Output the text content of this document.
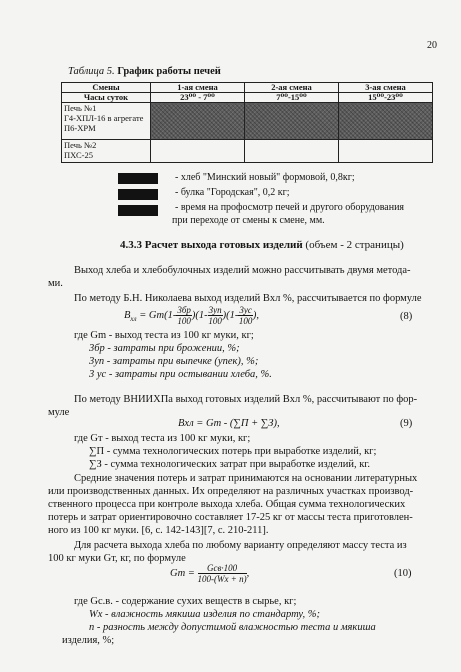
20
Таблица 5. График работы печей
Смены	1-ая смена	2-ая смена	3-ая смена
Часы суток	23⁰⁰ - 7⁰⁰	7⁰⁰-15⁰⁰	15⁰⁰-23⁰⁰

Печь №1
Г4-ХПЛ-16 в агрегате П6-ХРМ			

Печь №2
ПХС-25			

- хлеб "Минский новый" формовой, 0,8кг;
- булка "Городская", 0,2 кг;
- время на профосмотр печей и другого оборудования
при переходе от смены к смене, мм.
4.3.3 Расчет выхода готовых изделий (объем - 2 страницы)
Выход хлеба и хлебобулочных изделий можно рассчитывать двумя метода-
ми.
По методу Б.Н. Николаева выход изделий Bхл %, рассчитывается по формуле
$B_{хл} = Gm(1- \frac{3бр}{100} )(1- \frac{3уп}{100} )(1- \frac{3ус}{100}$ ),	(8)
где Gm - выход теста из 100 кг муки, кг;
3бр - затраты при брожении, %;
3уп - затраты при выпечке (упек), %;
3 ус - затраты при остывании хлеба, %.
По методу ВНИИХПа выход готовых изделий Bхл %, рассчитывают по фор-
муле
Bхл = Gт - (∑П + ∑З),	(9)
где Gт - выход теста из 100 кг муки, кг;
∑П - сумма технологических потерь при выработке изделий, кг;
∑З - сумма технологических затрат при выработке изделий, кг.
Средние значения потерь и затрат принимаются на основании литературных
или производственных данных. Их определяют на различных участках производ-
ственного процесса при контроле выхода хлеба. Общая сумма технологических
потерь и затрат ориентировочно составляет 17-25 кг от массы теста приготовлен-
ного из 100 кг муки. [6, с. 142-143][7, с. 210-211].
Для расчета выхода хлеба по любому варианту определяют массу теста из
100 кг муки Gт, кг, по формуле
Gт = $\frac{\text{Gсв·100}}{100-(Wх + n)}$ ,	(10)
где Gс.в. - содержание сухих веществ в сырье, кг;
Wх - влажность мякиша изделия по стандарту, %;
n - разность между допустимой влажностью теста и мякиша
изделия, %;
